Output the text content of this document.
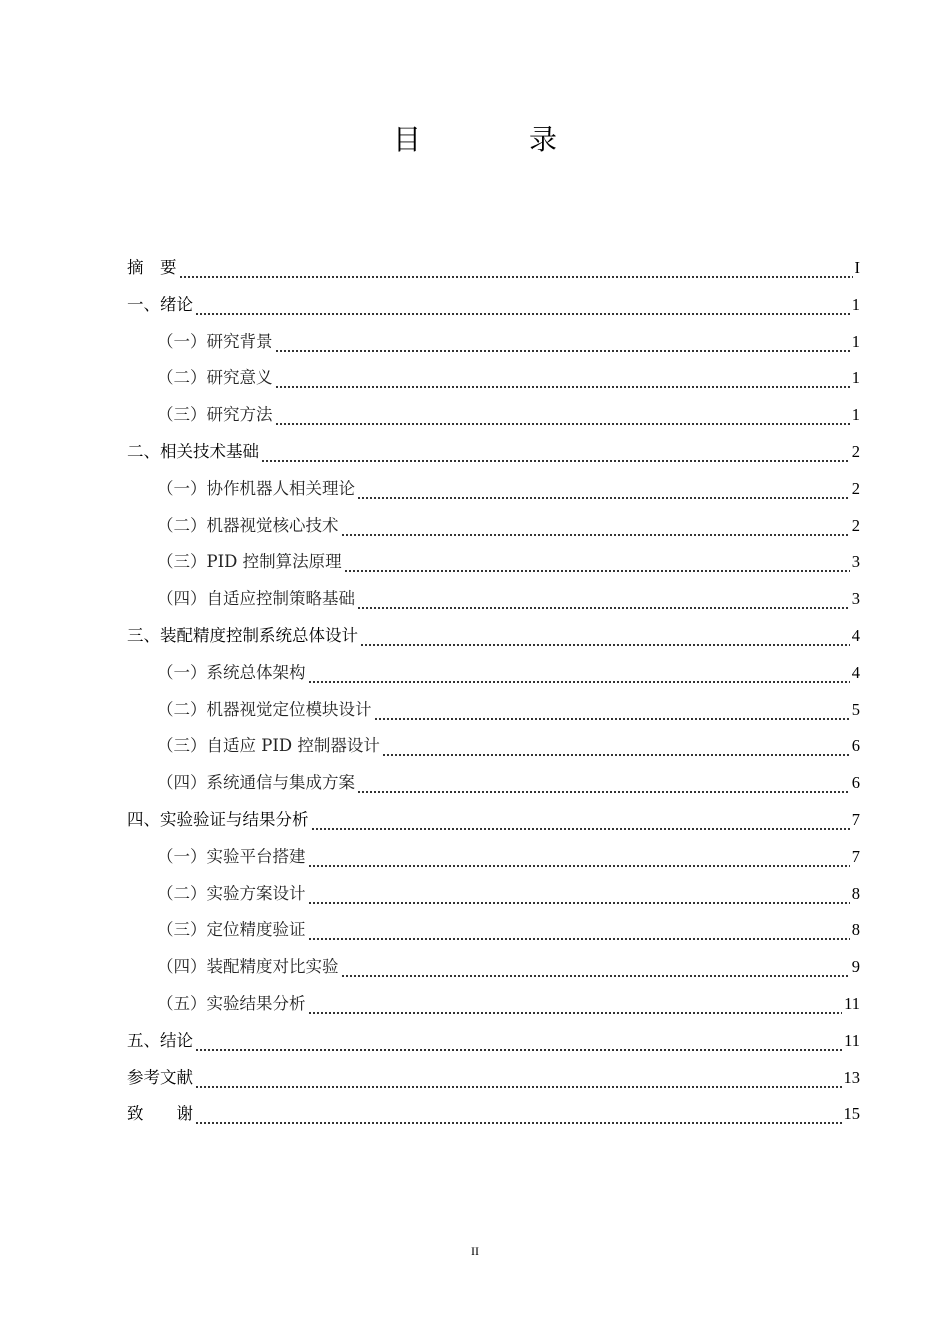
目　录
摘　要	I
一、绪论	1
（一）研究背景	1
（二）研究意义	1
（三）研究方法	1
二、相关技术基础	2
（一）协作机器人相关理论	2
（二）机器视觉核心技术	2
（三）PID 控制算法原理	3
（四）自适应控制策略基础	3
三、装配精度控制系统总体设计	4
（一）系统总体架构	4
（二）机器视觉定位模块设计	5
（三）自适应 PID 控制器设计	6
（四）系统通信与集成方案	6
四、实验验证与结果分析	7
（一）实验平台搭建	7
（二）实验方案设计	8
（三）定位精度验证	8
（四）装配精度对比实验	9
（五）实验结果分析	11
五、结论	11
参考文献	13
致　　谢	15
II
